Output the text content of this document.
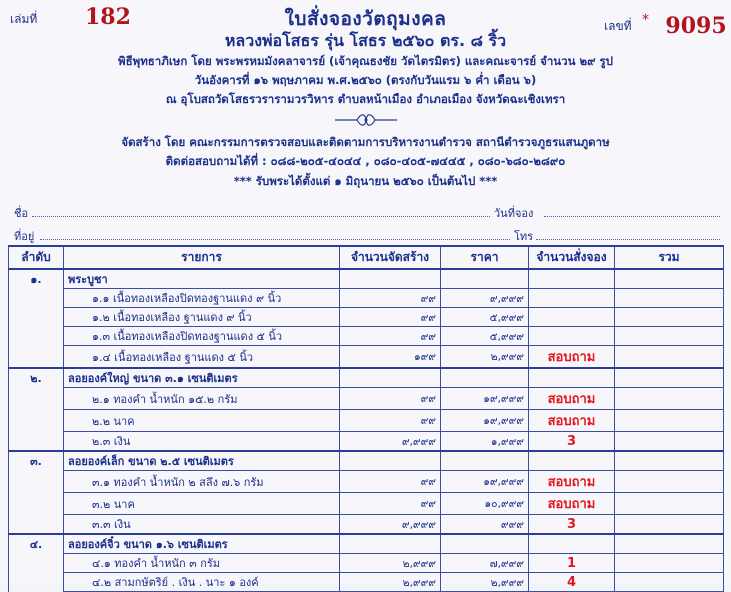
เล่มที่ 182	เลขที่ * 9095
ใบสั่งจองวัตถุมงคล
หลวงพ่อโสธร รุ่น โสธร ๒๕๖๐ ตร. ๘ ริ้ว
พิธีพุทธาภิเษก โดย พระพรหมมังคลาจารย์ (เจ้าคุณธงชัย วัดไตรมิตร) และคณะจารย์ จำนวน ๒๙ รูป
วันอังคารที่ ๑๖ พฤษภาคม พ.ศ.๒๕๖๐ (ตรงกับวันแรม ๖ ค่ำ เดือน ๖)
ณ อุโบสถวัดโสธรวรารามวรวิหาร ตำบลหน้าเมือง อำเภอเมือง จังหวัดฉะเชิงเทรา
จัดสร้าง โดย คณะกรรมการตรวจสอบและติดตามการบริหารงานตำรวจ สถานีตำรวจภูธรแสนภูดาษ
ติดต่อสอบถามได้ที่ : ๐๘๘-๒๐๕-๔๐๔๔ , ๐๘๐-๔๐๕-๗๔๔๕ , ๐๘๐-๖๘๐-๒๘๙๐
*** รับพระได้ตั้งแต่ ๑ มิถุนายน ๒๕๖๐ เป็นต้นไป ***
ชื่อ	วันที่จอง
ที่อยู่	โทร
ลำดับ	รายการ	จำนวนจัดสร้าง	ราคา	จำนวนสั่งจอง	รวม
๑.	พระบูชา				
	๑.๑ เนื้อทองเหลืองปิดทองฐานแดง ๙ นิ้ว	๙๙	๙,๙๙๙		
	๑.๒ เนื้อทองเหลือง ฐานแดง ๙ นิ้ว	๙๙	๕,๙๙๙		
	๑.๓ เนื้อทองเหลืองปิดทองฐานแดง ๕ นิ้ว	๙๙	๕,๙๙๙		
	๑.๔ เนื้อทองเหลือง ฐานแดง ๕ นิ้ว	๑๙๙	๒,๙๙๙	สอบถาม	
๒.	ลอยองค์ใหญ่ ขนาด ๓.๑ เซนติเมตร				
	๒.๑ ทองคำ น้ำหนัก ๑๕.๒ กรัม	๙๙	๑๙,๙๙๙	สอบถาม	
	๒.๒ นาค	๙๙	๑๙,๙๙๙	สอบถาม	
	๒.๓ เงิน	๙,๙๙๙	๑,๙๙๙	3	
๓.	ลอยองค์เล็ก ขนาด ๒.๕ เซนติเมตร				
	๓.๑ ทองคำ น้ำหนัก ๒ สลึง ๗.๖ กรัม	๙๙	๑๙,๙๙๙	สอบถาม	
	๓.๒ นาค	๙๙	๑๐,๙๙๙	สอบถาม	
	๓.๓ เงิน	๙,๙๙๙	๙๙๙	3	
๔.	ลอยองค์จิ๋ว ขนาด ๑.๖ เซนติเมตร				
	๔.๑ ทองคำ น้ำหนัก ๓ กรัม	๒,๙๙๙	๗,๙๙๙	1	
	๔.๒ สามกษัตริย์ . เงิน . นาะ ๑ องค์	๒,๙๙๙	๒,๙๙๙	4	
